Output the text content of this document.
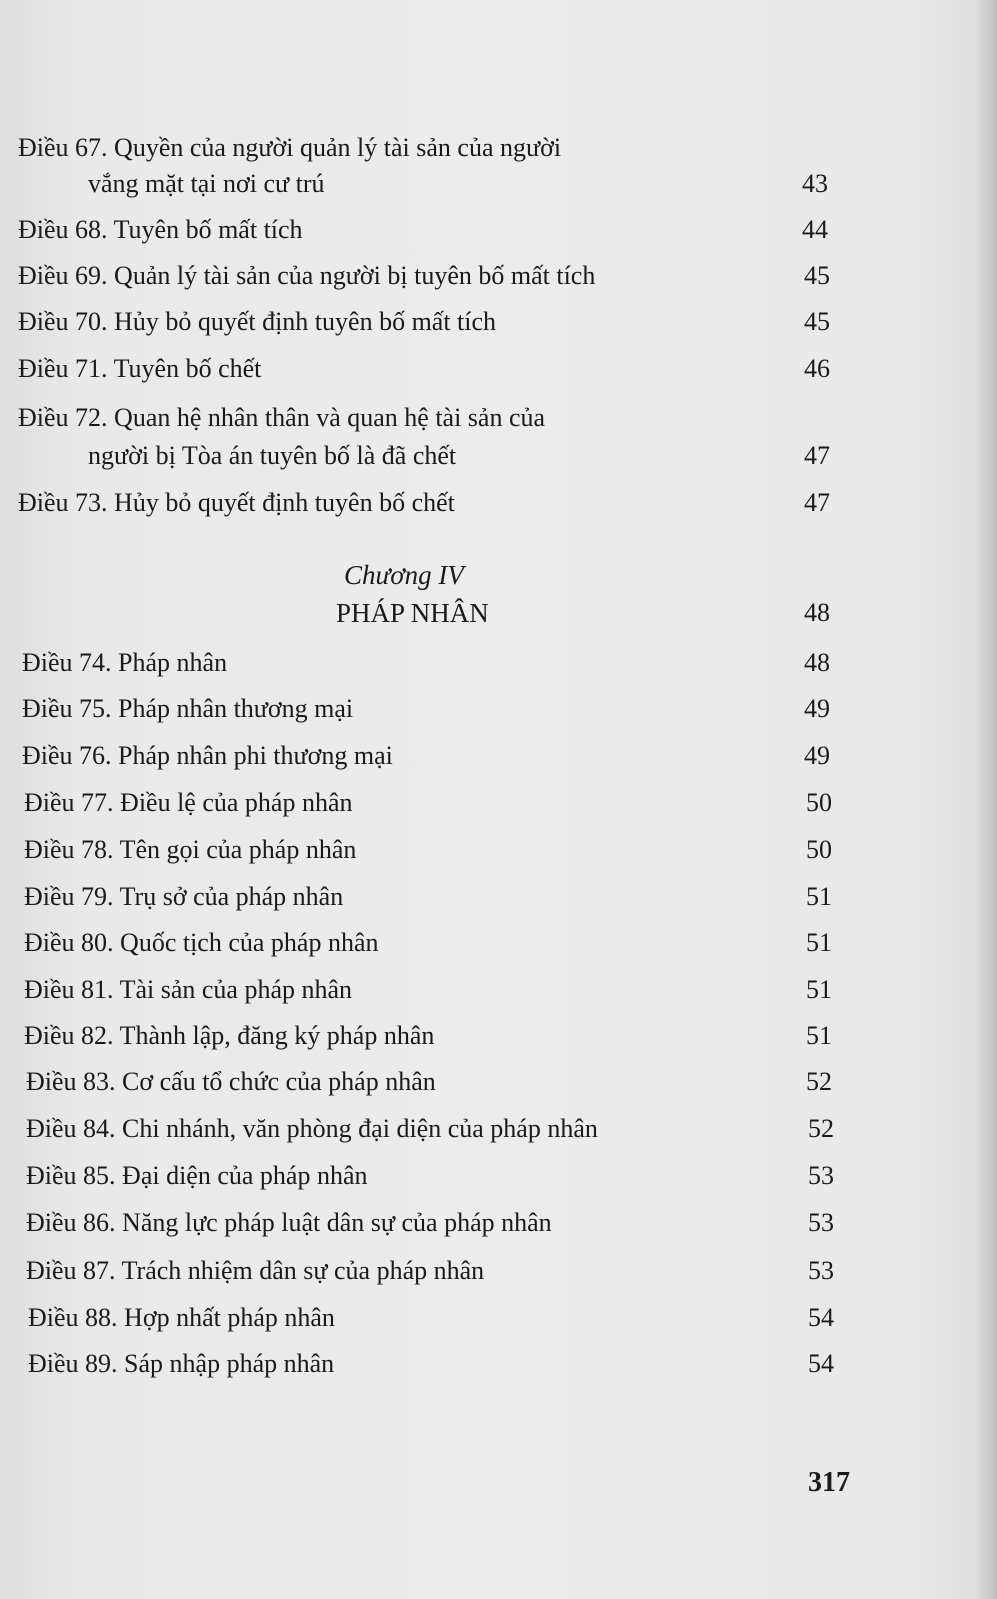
Điều 67. Quyền của người quản lý tài sản của người
vắng mặt tại nơi cư trú	43
Điều 68. Tuyên bố mất tích	44
Điều 69. Quản lý tài sản của người bị tuyên bố mất tích	45
Điều 70. Hủy bỏ quyết định tuyên bố mất tích	45
Điều 71. Tuyên bố chết	46
Điều 72. Quan hệ nhân thân và quan hệ tài sản của
người bị Tòa án tuyên bố là đã chết	47
Điều 73. Hủy bỏ quyết định tuyên bố chết	47
Chương IV
PHÁP NHÂN	48
Điều 74. Pháp nhân	48
Điều 75. Pháp nhân thương mại	49
Điều 76. Pháp nhân phi thương mại	49
Điều 77. Điều lệ của pháp nhân	50
Điều 78. Tên gọi của pháp nhân	50
Điều 79. Trụ sở của pháp nhân	51
Điều 80. Quốc tịch của pháp nhân	51
Điều 81. Tài sản của pháp nhân	51
Điều 82. Thành lập, đăng ký pháp nhân	51
Điều 83. Cơ cấu tổ chức của pháp nhân	52
Điều 84. Chi nhánh, văn phòng đại diện của pháp nhân	52
Điều 85. Đại diện của pháp nhân	53
Điều 86. Năng lực pháp luật dân sự của pháp nhân	53
Điều 87. Trách nhiệm dân sự của pháp nhân	53
Điều 88. Hợp nhất pháp nhân	54
Điều 89. Sáp nhập pháp nhân	54
317
